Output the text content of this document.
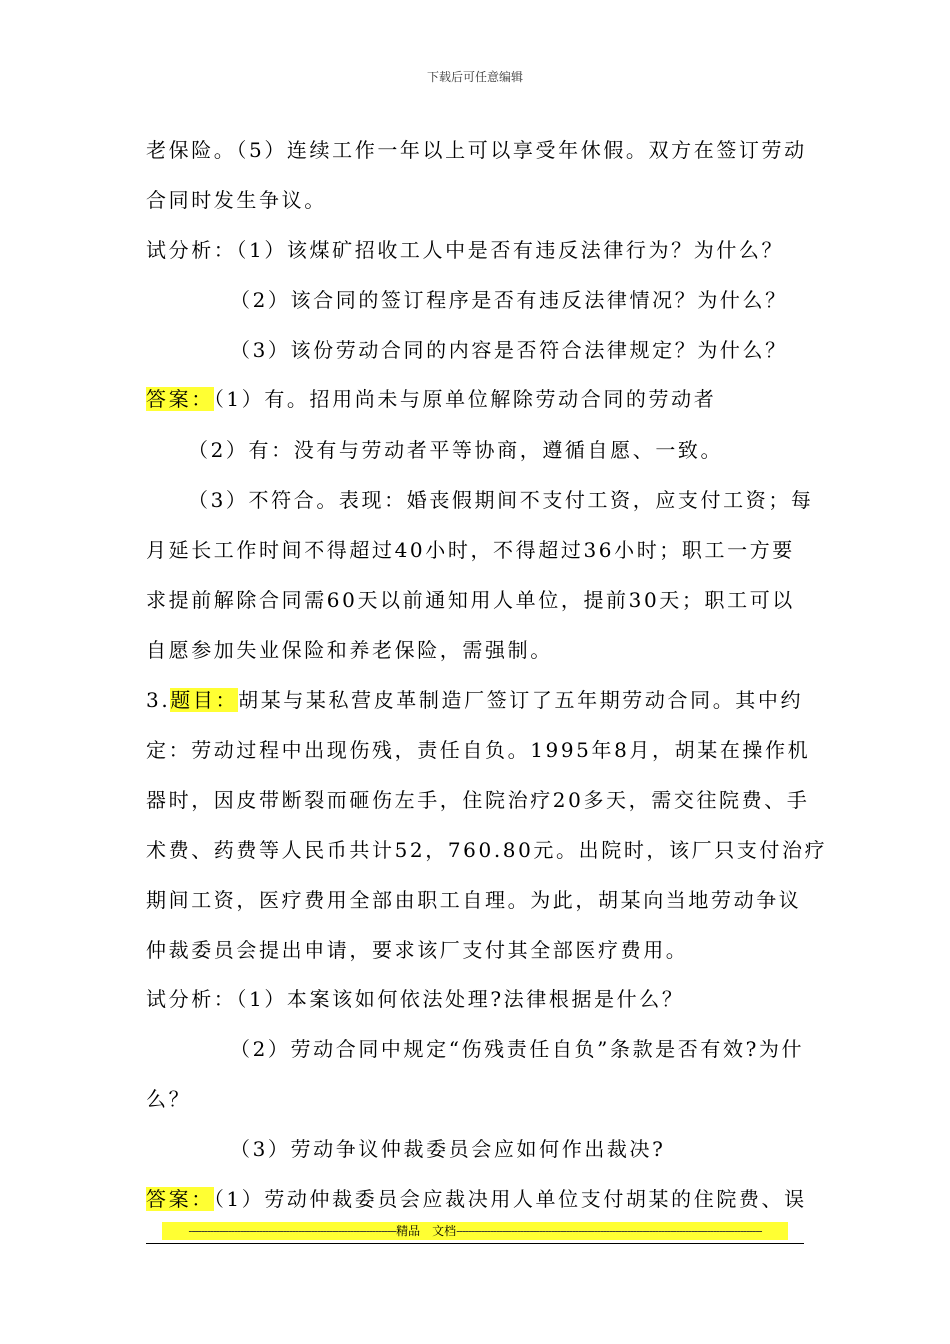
下载后可任意编辑
老保险。（5）连续工作一年以上可以享受年休假。双方在签订劳动
合同时发生争议。
试分析：（1）该煤矿招收工人中是否有违反法律行为？为什么？
（2）该合同的签订程序是否有违反法律情况？为什么？
（3）该份劳动合同的内容是否符合法律规定？为什么？
答案：（1）有。招用尚未与原单位解除劳动合同的劳动者
（2）有：没有与劳动者平等协商，遵循自愿、一致。
（3）不符合。表现：婚丧假期间不支付工资，应支付工资；每
月延长工作时间不得超过40小时，不得超过36小时；职工一方要
求提前解除合同需60天以前通知用人单位，提前30天；职工可以
自愿参加失业保险和养老保险，需强制。
3.题目：胡某与某私营皮革制造厂签订了五年期劳动合同。其中约
定：劳动过程中出现伤残，责任自负。1995年8月，胡某在操作机
器时，因皮带断裂而砸伤左手，住院治疗20多天，需交往院费、手
术费、药费等人民币共计52，760.80元。出院时，该厂只支付治疗
期间工资，医疗费用全部由职工自理。为此，胡某向当地劳动争议
仲裁委员会提出申请，要求该厂支付其全部医疗费用。
试分析：（1）本案该如何依法处理?法律根据是什么？
（2）劳动合同中规定“伤残责任自负”条款是否有效?为什
么？
（3）劳动争议仲裁委员会应如何作出裁决?
答案：（1）劳动仲裁委员会应裁决用人单位支付胡某的住院费、误
--------------------------------------------------------------------精品　文档----------------------------------------------------------------------------------------------------
